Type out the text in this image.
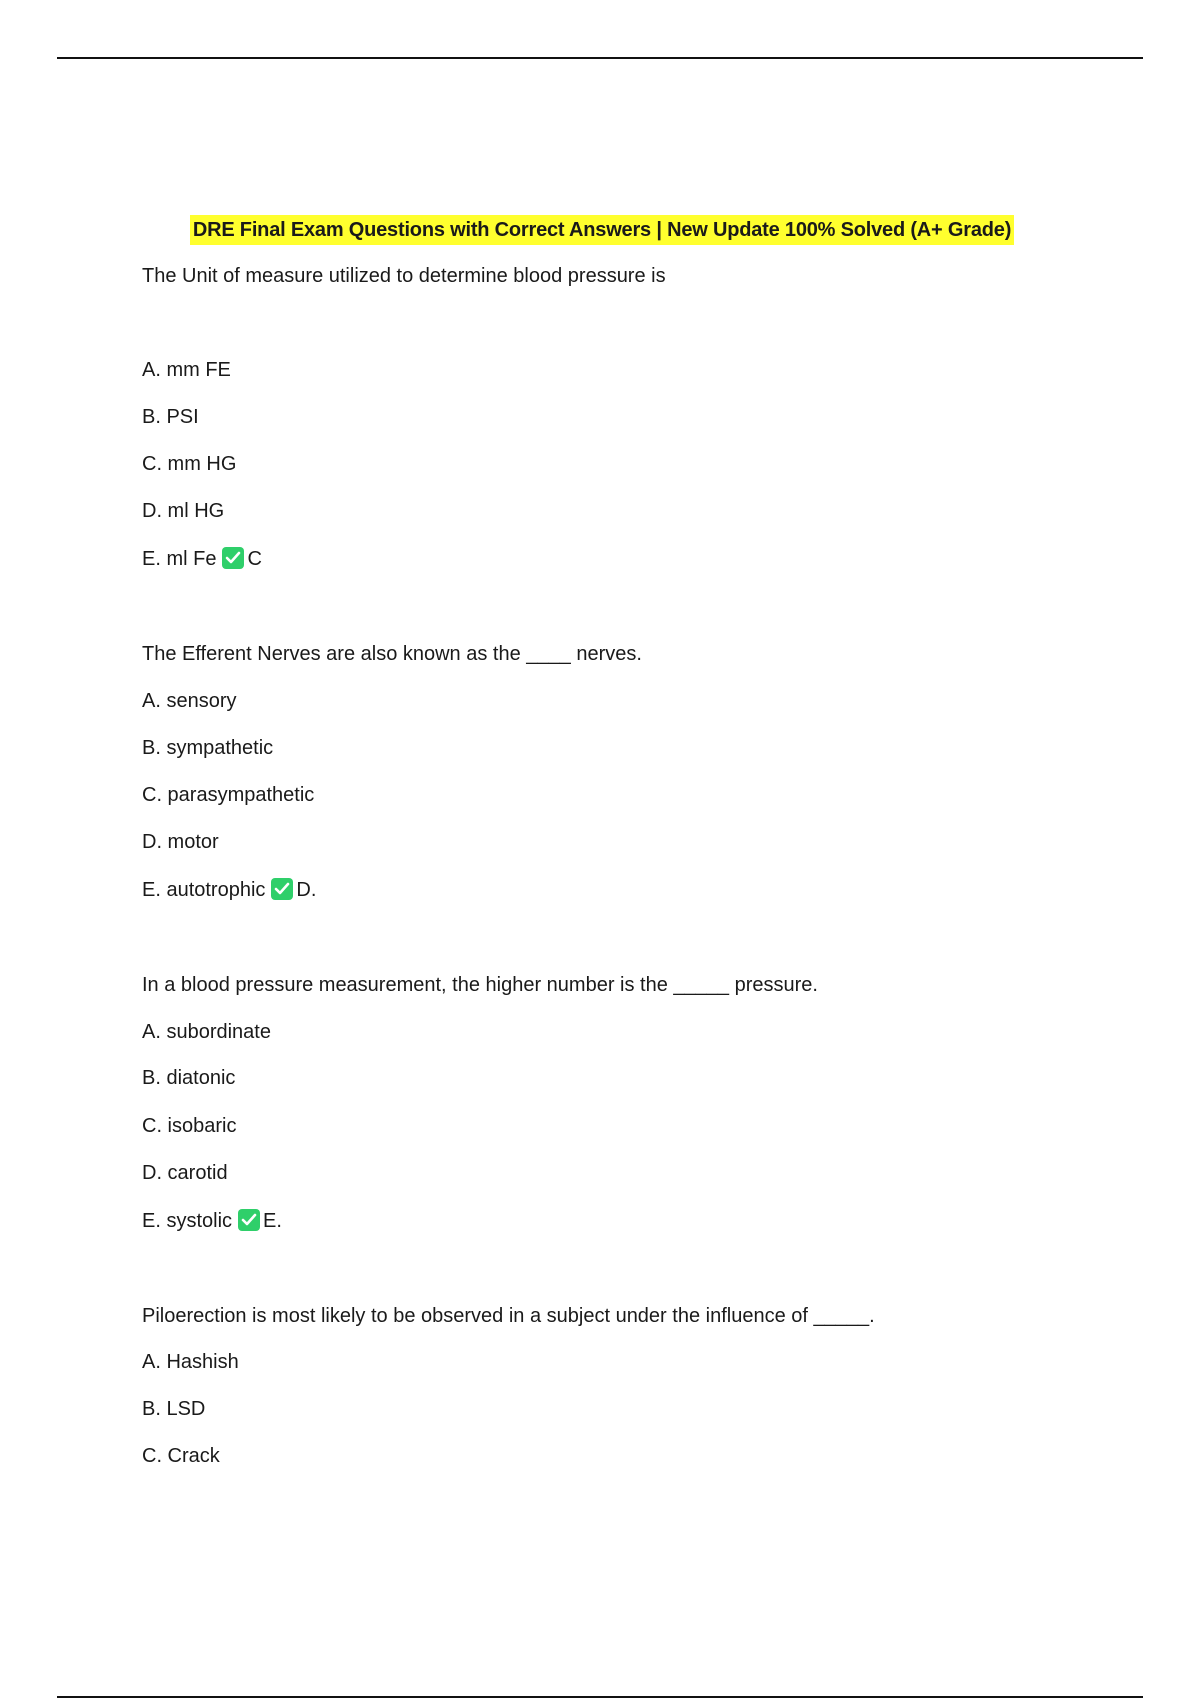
DRE Final Exam Questions with Correct Answers | New Update 100% Solved (A+ Grade)
The Unit of measure utilized to determine blood pressure is
A. mm FE
B. PSI
C. mm HG
D. ml HG
E. ml Fe C
The Efferent Nerves are also known as the ____ nerves.
A. sensory
B. sympathetic
C. parasympathetic
D. motor
E. autotrophic D.
In a blood pressure measurement, the higher number is the _____ pressure.
A. subordinate
B. diatonic
C. isobaric
D. carotid
E. systolic E.
Piloerection is most likely to be observed in a subject under the influence of _____.
A. Hashish
B. LSD
C. Crack
